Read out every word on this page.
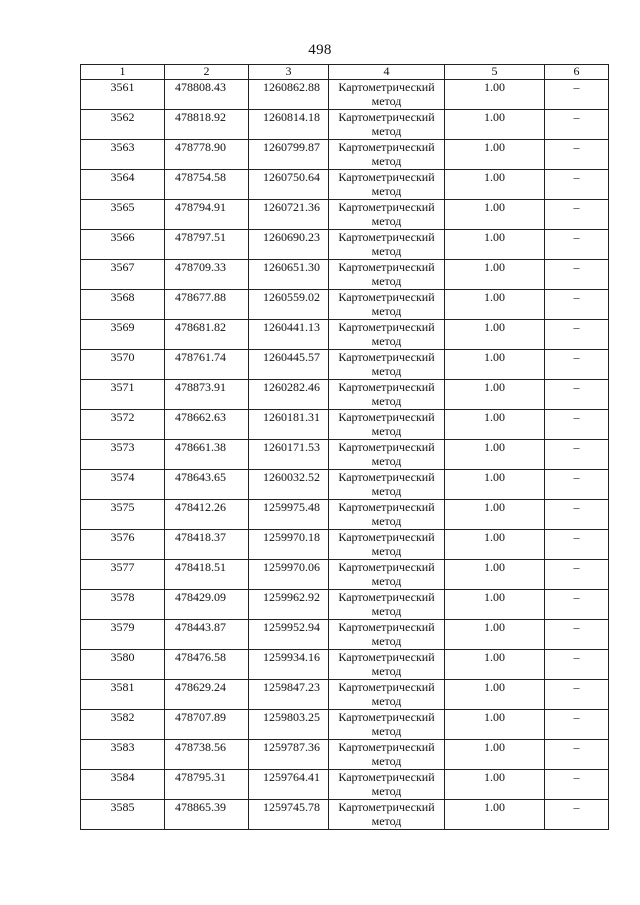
498
1	2	3	4	5	6
3561	478808.43	1260862.88	Картометрический метод	1.00	–
3562	478818.92	1260814.18	Картометрический метод	1.00	–
3563	478778.90	1260799.87	Картометрический метод	1.00	–
3564	478754.58	1260750.64	Картометрический метод	1.00	–
3565	478794.91	1260721.36	Картометрический метод	1.00	–
3566	478797.51	1260690.23	Картометрический метод	1.00	–
3567	478709.33	1260651.30	Картометрический метод	1.00	–
3568	478677.88	1260559.02	Картометрический метод	1.00	–
3569	478681.82	1260441.13	Картометрический метод	1.00	–
3570	478761.74	1260445.57	Картометрический метод	1.00	–
3571	478873.91	1260282.46	Картометрический метод	1.00	–
3572	478662.63	1260181.31	Картометрический метод	1.00	–
3573	478661.38	1260171.53	Картометрический метод	1.00	–
3574	478643.65	1260032.52	Картометрический метод	1.00	–
3575	478412.26	1259975.48	Картометрический метод	1.00	–
3576	478418.37	1259970.18	Картометрический метод	1.00	–
3577	478418.51	1259970.06	Картометрический метод	1.00	–
3578	478429.09	1259962.92	Картометрический метод	1.00	–
3579	478443.87	1259952.94	Картометрический метод	1.00	–
3580	478476.58	1259934.16	Картометрический метод	1.00	–
3581	478629.24	1259847.23	Картометрический метод	1.00	–
3582	478707.89	1259803.25	Картометрический метод	1.00	–
3583	478738.56	1259787.36	Картометрический метод	1.00	–
3584	478795.31	1259764.41	Картометрический метод	1.00	–
3585	478865.39	1259745.78	Картометрический метод	1.00	–
